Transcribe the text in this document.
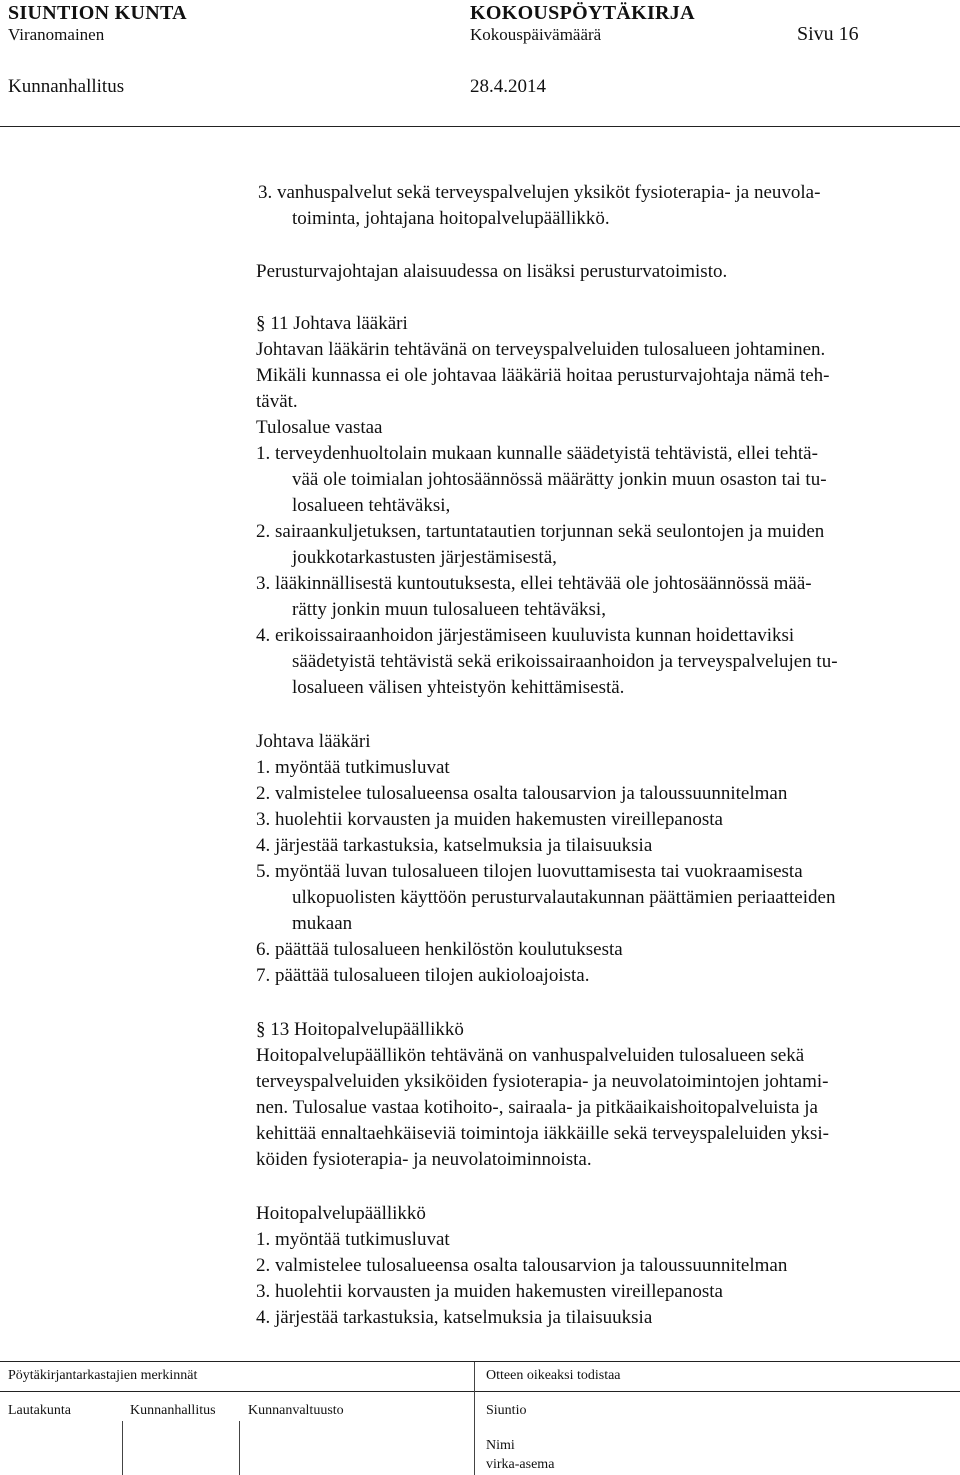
SIUNTION KUNTA	KOKOUSPÖYTÄKIRJA
Viranomainen	Kokouspäivämäärä	Sivu 16
Kunnanhallitus	28.4.2014
3. vanhuspalvelut sekä terveyspalvelujen yksiköt fysioterapia- ja neuvola-
toiminta, johtajana hoitopalvelupäällikkö.
Perusturvajohtajan alaisuudessa on lisäksi perusturvatoimisto.
§ 11 Johtava lääkäri
Johtavan lääkärin tehtävänä on terveyspalveluiden tulosalueen johtaminen.
Mikäli kunnassa ei ole johtavaa lääkäriä hoitaa perusturvajohtaja nämä teh-
tävät.
Tulosalue vastaa
1. terveydenhuoltolain mukaan kunnalle säädetyistä tehtävistä, ellei tehtä-
vää ole toimialan johtosäännössä määrätty jonkin muun osaston tai tu-
losalueen tehtäväksi,
2. sairaankuljetuksen, tartuntatautien torjunnan sekä seulontojen ja muiden
joukkotarkastusten järjestämisestä,
3. lääkinnällisestä kuntoutuksesta, ellei tehtävää ole johtosäännössä mää-
rätty jonkin muun tulosalueen tehtäväksi,
4. erikoissairaanhoidon järjestämiseen kuuluvista kunnan hoidettaviksi
säädetyistä tehtävistä sekä erikoissairaanhoidon ja terveyspalvelujen tu-
losalueen välisen yhteistyön kehittämisestä.
Johtava lääkäri
1. myöntää tutkimusluvat
2. valmistelee tulosalueensa osalta talousarvion ja taloussuunnitelman
3. huolehtii korvausten ja muiden hakemusten vireillepanosta
4. järjestää tarkastuksia, katselmuksia ja tilaisuuksia
5. myöntää luvan tulosalueen tilojen luovuttamisesta tai vuokraamisesta
ulkopuolisten käyttöön perusturvalautakunnan päättämien periaatteiden
mukaan
6. päättää tulosalueen henkilöstön koulutuksesta
7. päättää tulosalueen tilojen aukioloajoista.
§ 13 Hoitopalvelupäällikkö
Hoitopalvelupäällikön tehtävänä on vanhuspalveluiden tulosalueen sekä
terveyspalveluiden yksiköiden fysioterapia- ja neuvolatoimintojen johtami-
nen. Tulosalue vastaa kotihoito-, sairaala- ja pitkäaikaishoitopalveluista ja
kehittää ennaltaehkäiseviä toimintoja iäkkäille sekä terveyspaleluiden yksi-
köiden fysioterapia- ja neuvolatoiminnoista.
Hoitopalvelupäällikkö
1. myöntää tutkimusluvat
2. valmistelee tulosalueensa osalta talousarvion ja taloussuunnitelman
3. huolehtii korvausten ja muiden hakemusten vireillepanosta
4. järjestää tarkastuksia, katselmuksia ja tilaisuuksia
Pöytäkirjantarkastajien merkinnät	Otteen oikeaksi todistaa
Lautakunta	Kunnanhallitus Kunnanvaltuusto	Siuntio
Nimi
virka-asema
